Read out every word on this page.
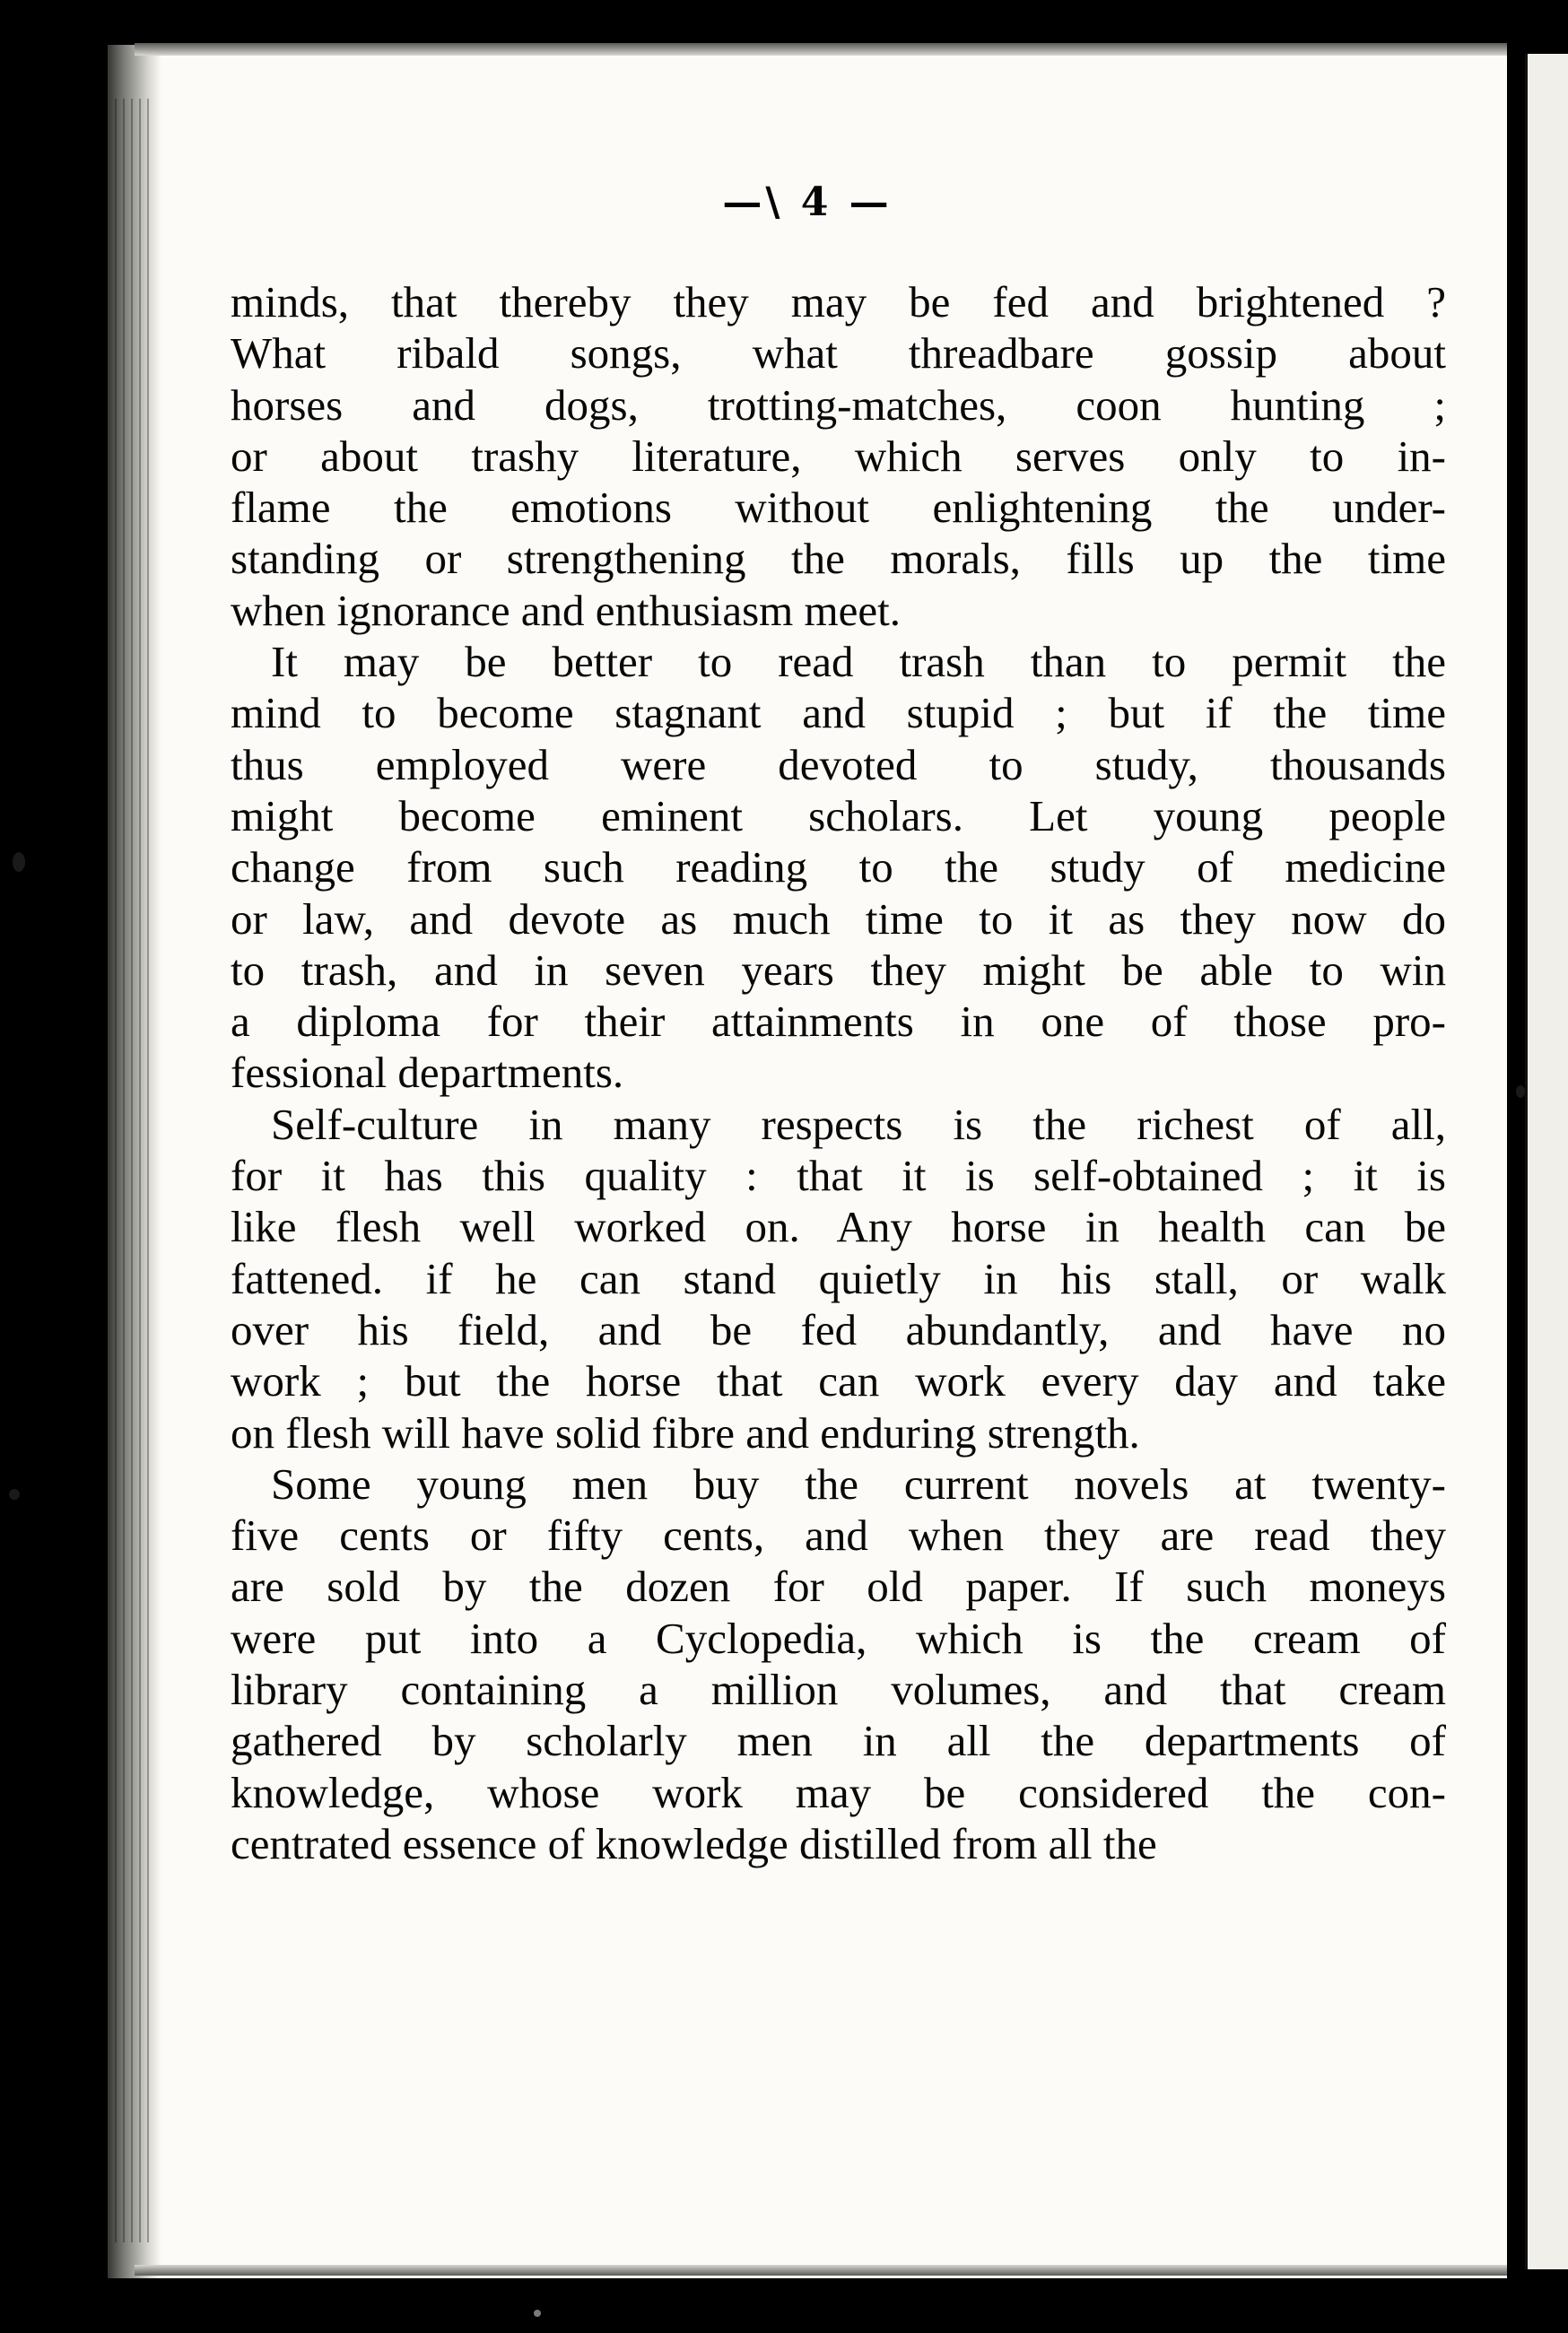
—\ 4 —
minds, that thereby they may be fed and brightened ?
What ribald songs, what threadbare gossip about
horses and dogs, trotting-matches, coon hunting ;
or about trashy literature, which serves only to in-
flame the emotions without enlightening the under-
standing or strengthening the morals, fills up the time
when ignorance and enthusiasm meet.
It may be better to read trash than to permit the
mind to become stagnant and stupid ; but if the time
thus employed were devoted to study, thousands
might become eminent scholars. Let young people
change from such reading to the study of medicine
or law, and devote as much time to it as they now do
to trash, and in seven years they might be able to win
a diploma for their attainments in one of those pro-
fessional departments.
Self-culture in many respects is the richest of all,
for it has this quality : that it is self-obtained ; it is
like flesh well worked on. Any horse in health can be
fattened. if he can stand quietly in his stall, or walk
over his field, and be fed abundantly, and have no
work ; but the horse that can work every day and take
on flesh will have solid fibre and enduring strength.
Some young men buy the current novels at twenty-
five cents or fifty cents, and when they are read they
are sold by the dozen for old paper. If such moneys
were put into a Cyclopedia, which is the cream of
library containing a million volumes, and that cream
gathered by scholarly men in all the departments of
knowledge, whose work may be considered the con-
centrated essence of knowledge distilled from all the
